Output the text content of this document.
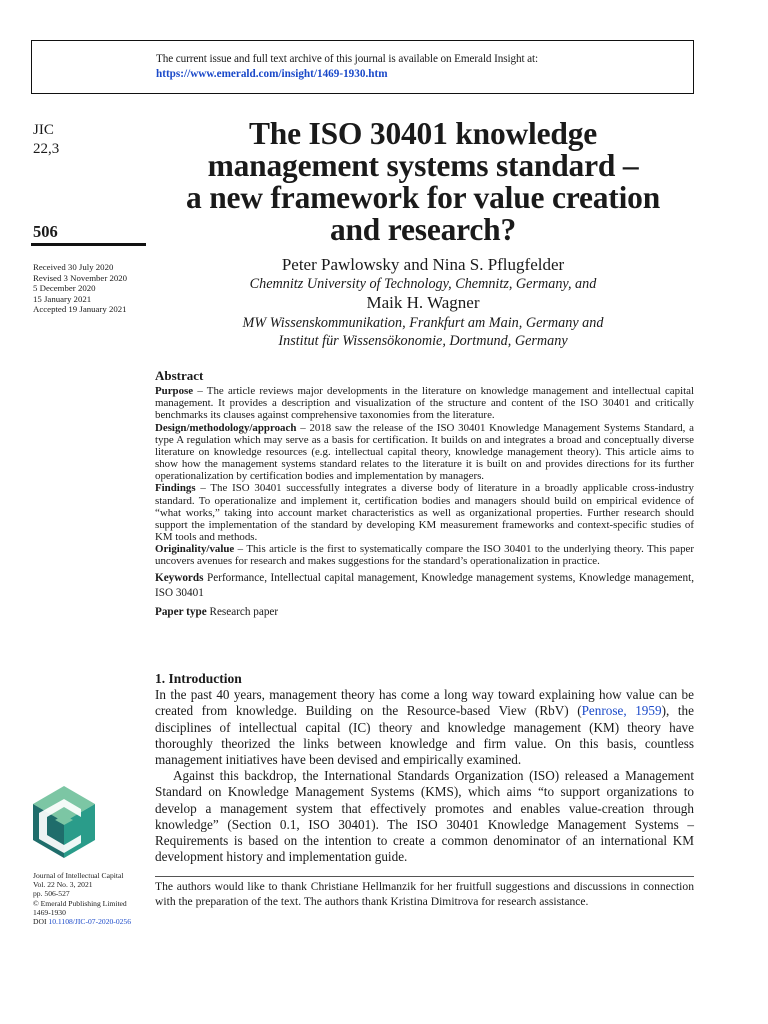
The current issue and full text archive of this journal is available on Emerald Insight at:
https://www.emerald.com/insight/1469-1930.htm
JIC
22,3
506
Received 30 July 2020
Revised 3 November 2020
5 December 2020
15 January 2021
Accepted 19 January 2021
The ISO 30401 knowledge
management systems standard –
a new framework for value creation
and research?
Peter Pawlowsky and Nina S. Pflugfelder
Chemnitz University of Technology, Chemnitz, Germany, and
Maik H. Wagner
MW Wissenskommunikation, Frankfurt am Main, Germany and
Institut für Wissensökonomie, Dortmund, Germany
Abstract

Purpose – The article reviews major developments in the literature on knowledge management and intellectual capital management. It provides a description and visualization of the structure and content of the ISO 30401 and critically benchmarks its clauses against comprehensive taxonomies from the literature.

Design/methodology/approach – 2018 saw the release of the ISO 30401 Knowledge Management Systems Standard, a type A regulation which may serve as a basis for certification. It builds on and integrates a broad and conceptually diverse literature on knowledge resources (e.g. intellectual capital theory, knowledge management theory). This article aims to show how the management systems standard relates to the literature it is built on and provides directions for its further operationalization by certification bodies and implementation by managers.

Findings – The ISO 30401 successfully integrates a diverse body of literature in a broadly applicable cross-industry standard. To operationalize and implement it, certification bodies and managers should build on empirical evidence of “what works,” taking into account market characteristics as well as organizational properties. Further research should support the implementation of the standard by developing KM measurement frameworks and context-specific studies of KM tools and methods.

Originality/value – This article is the first to systematically compare the ISO 30401 to the underlying theory. This paper uncovers avenues for research and makes suggestions for the standard’s operationalization in practice.

Keywords Performance, Intellectual capital management, Knowledge management systems, Knowledge management, ISO 30401

Paper type Research paper

1. Introduction

In the past 40 years, management theory has come a long way toward explaining how value can be created from knowledge. Building on the Resource-based View (RbV) (Penrose, 1959), the disciplines of intellectual capital (IC) theory and knowledge management (KM) theory have thoroughly theorized the links between knowledge and firm value. On this basis, countless management initiatives have been devised and empirically examined.

Against this backdrop, the International Standards Organization (ISO) released a Management Standard on Knowledge Management Systems (KMS), which aims “to support organizations to develop a management system that effectively promotes and enables value-creation through knowledge” (Section 0.1, ISO 30401). The ISO 30401 Knowledge Management Systems – Requirements is based on the intention to create a common denominator of an international KM development history and implementation guide.

The authors would like to thank Christiane Hellmanzik for her fruitfull suggestions and discussions in connection with the preparation of the text. The authors thank Kristina Dimitrova for research assistance.
Journal of Intellectual Capital
Vol. 22 No. 3, 2021
pp. 506-527
© Emerald Publishing Limited
1469-1930
DOI 10.1108/JIC-07-2020-0256
